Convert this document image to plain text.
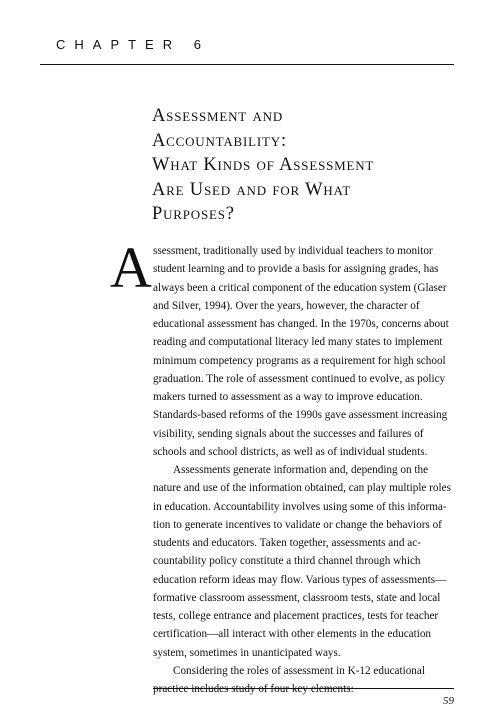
CHAPTER 6
Assessment and
Accountability:
What Kinds of Assessment
Are Used and for What
Purposes?
A ssessment, traditionally used by individual teachers to monitor
student learning and to provide a basis for assigning grades, has
always been a critical component of the education system (Glaser
and Silver, 1994). Over the years, however, the character of
educational assessment has changed. In the 1970s, concerns about
reading and computational literacy led many states to implement
minimum competency programs as a requirement for high school
graduation. The role of assessment continued to evolve, as policy
makers turned to assessment as a way to improve education.
Standards-based reforms of the 1990s gave assessment increasing
visibility, sending signals about the successes and failures of
schools and school districts, as well as of individual students.
Assessments generate information and, depending on the
nature and use of the information obtained, can play multiple roles
in education. Accountability involves using some of this informa-
tion to generate incentives to validate or change the behaviors of
students and educators. Taken together, assessments and ac-
countability policy constitute a third channel through which
education reform ideas may flow. Various types of assessments—
formative classroom assessment, classroom tests, state and local
tests, college entrance and placement practices, tests for teacher
certification—all interact with other elements in the education
system, sometimes in unanticipated ways.
Considering the roles of assessment in K-12 educational
practice includes study of four key elements:
59
